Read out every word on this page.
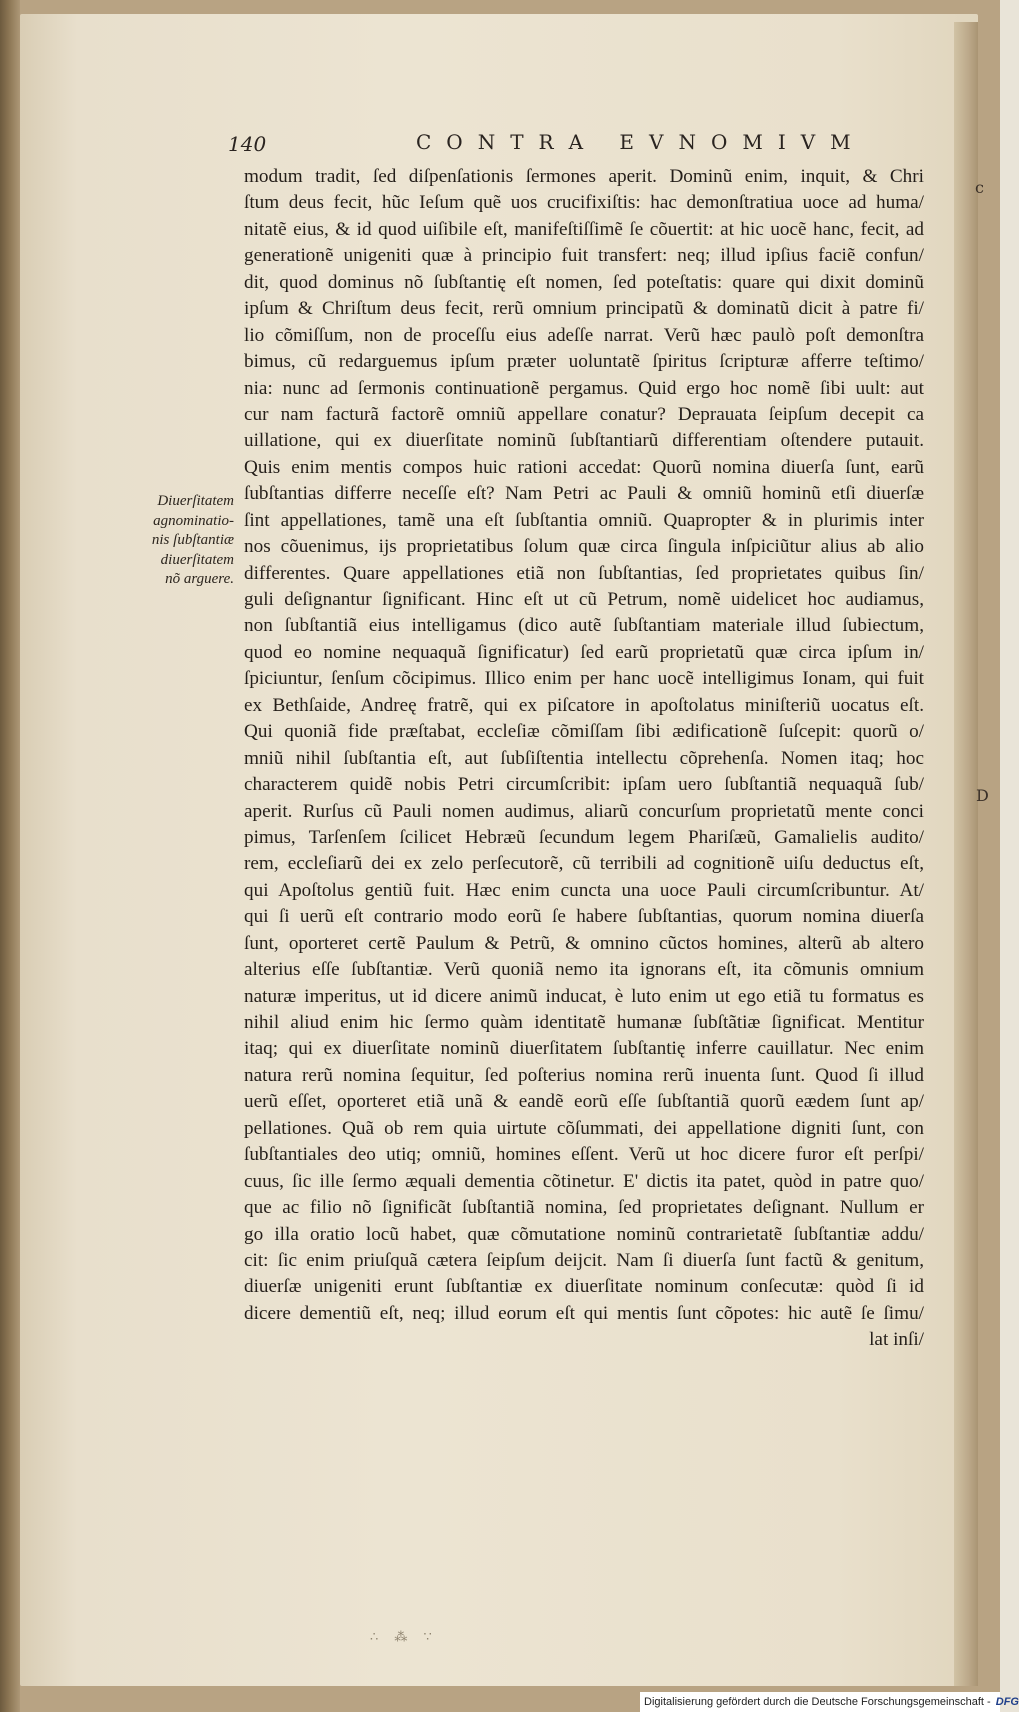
140	CONTRA EVNOMIVM
Diuerſitatem
agnominatio-
nis ſubſtantiæ
diuerſitatem
nõ arguere.
modum tradit, ſed diſpenſationis ſermones aperit. Dominũ enim, inquit, & Chri
ſtum deus fecit, hũc Ieſum quẽ uos crucifixiſtis: hac demonſtratiua uoce ad huma/
nitatẽ eius, & id quod uiſibile eſt, manifeſtiſſimẽ ſe cõuertit: at hic uocẽ hanc, fecit, ad
generationẽ unigeniti quæ à principio fuit transfert: neq; illud ipſius faciẽ confun/
dit, quod dominus nõ ſubſtantię eſt nomen, ſed poteſtatis: quare qui dixit dominũ
ipſum & Chriſtum deus fecit, rerũ omnium principatũ & dominatũ dicit à patre fi/
lio cõmiſſum, non de proceſſu eius adeſſe narrat. Verũ hæc paulò poſt demonſtra
bimus, cũ redarguemus ipſum præter uoluntatẽ ſpiritus ſcripturæ afferre teſtimo/
nia: nunc ad ſermonis continuationẽ pergamus. Quid ergo hoc nomẽ ſibi uult: aut
cur nam facturã factorẽ omniũ appellare conatur? Deprauata ſeipſum decepit ca
uillatione, qui ex diuerſitate nominũ ſubſtantiarũ differentiam oſtendere putauit.
Quis enim mentis compos huic rationi accedat: Quorũ nomina diuerſa ſunt, earũ
ſubſtantias differre neceſſe eſt? Nam Petri ac Pauli & omniũ hominũ etſi diuerſæ
ſint appellationes, tamẽ una eſt ſubſtantia omniũ. Quapropter & in plurimis inter
nos cõuenimus, ijs proprietatibus ſolum quæ circa ſingula inſpiciũtur alius ab alio
differentes. Quare appellationes etiã non ſubſtantias, ſed proprietates quibus ſin/
guli deſignantur ſignificant. Hinc eſt ut cũ Petrum, nomẽ uidelicet hoc audiamus,
non ſubſtantiã eius intelligamus (dico autẽ ſubſtantiam materiale illud ſubiectum,
quod eo nomine nequaquã ſignificatur) ſed earũ proprietatũ quæ circa ipſum in/
ſpiciuntur, ſenſum cõcipimus. Illico enim per hanc uocẽ intelligimus Ionam, qui fuit
ex Bethſaide, Andreę fratrẽ, qui ex piſcatore in apoſtolatus miniſteriũ uocatus eſt.
Qui quoniã fide præſtabat, eccleſiæ cõmiſſam ſibi ædificationẽ ſuſcepit: quorũ o/
mniũ nihil ſubſtantia eſt, aut ſubſiſtentia intellectu cõprehenſa. Nomen itaq; hoc
characterem quidẽ nobis Petri circumſcribit: ipſam uero ſubſtantiã nequaquã ſub/
aperit. Rurſus cũ Pauli nomen audimus, aliarũ concurſum proprietatũ mente conci
pimus, Tarſenſem ſcilicet Hebræũ ſecundum legem Phariſæũ, Gamalielis audito/
rem, eccleſiarũ dei ex zelo perſecutorẽ, cũ terribili ad cognitionẽ uiſu deductus eſt,
qui Apoſtolus gentiũ fuit. Hæc enim cuncta una uoce Pauli circumſcribuntur. At/
qui ſi uerũ eſt contrario modo eorũ ſe habere ſubſtantias, quorum nomina diuerſa
ſunt, oporteret certẽ Paulum & Petrũ, & omnino cũctos homines, alterũ ab altero
alterius eſſe ſubſtantiæ. Verũ quoniã nemo ita ignorans eſt, ita cõmunis omnium
naturæ imperitus, ut id dicere animũ inducat, è luto enim ut ego etiã tu formatus es
nihil aliud enim hic ſermo quàm identitatẽ humanæ ſubſtãtiæ ſignificat. Mentitur
itaq; qui ex diuerſitate nominũ diuerſitatem ſubſtantię inferre cauillatur. Nec enim
natura rerũ nomina ſequitur, ſed poſterius nomina rerũ inuenta ſunt. Quod ſi illud
uerũ eſſet, oporteret etiã unã & eandẽ eorũ eſſe ſubſtantiã quorũ eædem ſunt ap/
pellationes. Quã ob rem quia uirtute cõſummati, dei appellatione digniti ſunt, con
ſubſtantiales deo utiq; omniũ, homines eſſent. Verũ ut hoc dicere furor eſt perſpi/
cuus, ſic ille ſermo æquali dementia cõtinetur. E' dictis ita patet, quòd in patre quo/
que ac filio nõ ſignificãt ſubſtantiã nomina, ſed proprietates deſignant. Nullum er
go illa oratio locũ habet, quæ cõmutatione nominũ contrarietatẽ ſubſtantiæ addu/
cit: ſic enim priuſquã cætera ſeipſum deijcit. Nam ſi diuerſa ſunt factũ & genitum,
diuerſæ unigeniti erunt ſubſtantiæ ex diuerſitate nominum conſecutæ: quòd ſi id
dicere dementiũ eſt, neq; illud eorum eſt qui mentis ſunt cõpotes: hic autẽ ſe ſimu/
lat inſi/
c
D
∴ ⁂ ∵
Digitalisierung gefördert durch die Deutsche Forschungsgemeinschaft - DFG
